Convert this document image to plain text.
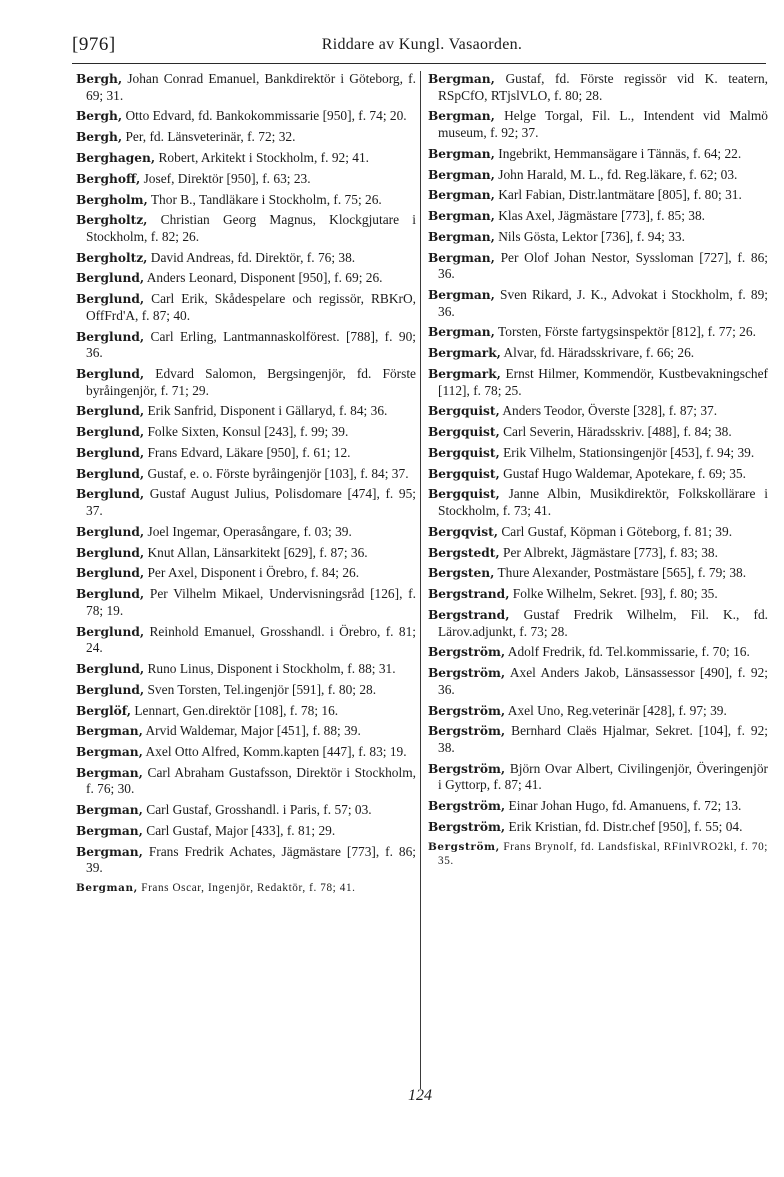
[976]	Riddare av Kungl. Vasaorden.

Bergh, Johan Conrad Emanuel, Bankdirektör i Göteborg, f. 69; 31.

Bergh, Otto Edvard, fd. Bankokommissarie [950], f. 74; 20.

Bergh, Per, fd. Länsveterinär, f. 72; 32.

Berghagen, Robert, Arkitekt i Stockholm, f. 92; 41.

Berghoff, Josef, Direktör [950], f. 63; 23.

Bergholm, Thor B., Tandläkare i Stockholm, f. 75; 26.

Bergholtz, Christian Georg Magnus, Klockgjutare i Stockholm, f. 82; 26.

Bergholtz, David Andreas, fd. Direktör, f. 76; 38.

Berglund, Anders Leonard, Disponent [950], f. 69; 26.

Berglund, Carl Erik, Skådespelare och regissör, RBKrO, OffFrd'A, f. 87; 40.

Berglund, Carl Erling, Lantmannaskolförest. [788], f. 90; 36.

Berglund, Edvard Salomon, Bergsingenjör, fd. Förste byråingenjör, f. 71; 29.

Berglund, Erik Sanfrid, Disponent i Gällaryd, f. 84; 36.

Berglund, Folke Sixten, Konsul [243], f. 99; 39.

Berglund, Frans Edvard, Läkare [950], f. 61; 12.

Berglund, Gustaf, e. o. Förste byråingenjör [103], f. 84; 37.

Berglund, Gustaf August Julius, Polisdomare [474], f. 95; 37.

Berglund, Joel Ingemar, Operasångare, f. 03; 39.

Berglund, Knut Allan, Länsarkitekt [629], f. 87; 36.

Berglund, Per Axel, Disponent i Örebro, f. 84; 26.

Berglund, Per Vilhelm Mikael, Undervisningsråd [126], f. 78; 19.

Berglund, Reinhold Emanuel, Grosshandl. i Örebro, f. 81; 24.

Berglund, Runo Linus, Disponent i Stockholm, f. 88; 31.

Berglund, Sven Torsten, Tel.ingenjör [591], f. 80; 28.

Berglöf, Lennart, Gen.direktör [108], f. 78; 16.

Bergman, Arvid Waldemar, Major [451], f. 88; 39.

Bergman, Axel Otto Alfred, Komm.kapten [447], f. 83; 19.

Bergman, Carl Abraham Gustafsson, Direktör i Stockholm, f. 76; 30.

Bergman, Carl Gustaf, Grosshandl. i Paris, f. 57; 03.

Bergman, Carl Gustaf, Major [433], f. 81; 29.

Bergman, Frans Fredrik Achates, Jägmästare [773], f. 86; 39.

Bergman, Frans Oscar, Ingenjör, Redaktör, f. 78; 41.

Bergman, Gustaf, fd. Förste regissör vid K. teatern, RSpCfO, RTjslVLO, f. 80; 28.

Bergman, Helge Torgal, Fil. L., Intendent vid Malmö museum, f. 92; 37.

Bergman, Ingebrikt, Hemmansägare i Tännäs, f. 64; 22.

Bergman, John Harald, M. L., fd. Reg.läkare, f. 62; 03.

Bergman, Karl Fabian, Distr.lantmätare [805], f. 80; 31.

Bergman, Klas Axel, Jägmästare [773], f. 85; 38.

Bergman, Nils Gösta, Lektor [736], f. 94; 33.

Bergman, Per Olof Johan Nestor, Syssloman [727], f. 86; 36.

Bergman, Sven Rikard, J. K., Advokat i Stockholm, f. 89; 36.

Bergman, Torsten, Förste fartygsinspektör [812], f. 77; 26.

Bergmark, Alvar, fd. Häradsskrivare, f. 66; 26.

Bergmark, Ernst Hilmer, Kommendör, Kustbevakningschef [112], f. 78; 25.

Bergquist, Anders Teodor, Överste [328], f. 87; 37.

Bergquist, Carl Severin, Häradsskriv. [488], f. 84; 38.

Bergquist, Erik Vilhelm, Stationsingenjör [453], f. 94; 39.

Bergquist, Gustaf Hugo Waldemar, Apotekare, f. 69; 35.

Bergquist, Janne Albin, Musikdirektör, Folkskollärare i Stockholm, f. 73; 41.

Bergqvist, Carl Gustaf, Köpman i Göteborg, f. 81; 39.

Bergstedt, Per Albrekt, Jägmästare [773], f. 83; 38.

Bergsten, Thure Alexander, Postmästare [565], f. 79; 38.

Bergstrand, Folke Wilhelm, Sekret. [93], f. 80; 35.

Bergstrand, Gustaf Fredrik Wilhelm, Fil. K., fd. Lärov.adjunkt, f. 73; 28.

Bergström, Adolf Fredrik, fd. Tel.kommissarie, f. 70; 16.

Bergström, Axel Anders Jakob, Länsassessor [490], f. 92; 36.

Bergström, Axel Uno, Reg.veterinär [428], f. 97; 39.

Bergström, Bernhard Claës Hjalmar, Sekret. [104], f. 92; 38.

Bergström, Björn Ovar Albert, Civilingenjör, Överingenjör i Gyttorp, f. 87; 41.

Bergström, Einar Johan Hugo, fd. Amanuens, f. 72; 13.

Bergström, Erik Kristian, fd. Distr.chef [950], f. 55; 04.

Bergström, Frans Brynolf, fd. Landsfiskal, RFinlVRO2kl, f. 70; 35.

124
